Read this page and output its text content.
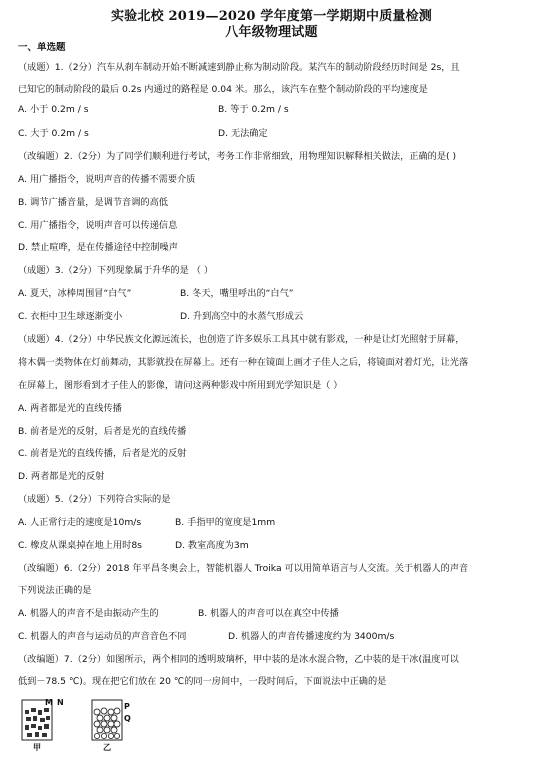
实验北校 2019—2020 学年度第一学期期中质量检测
八年级物理试题
一、单选题
（成题）1.（2分）汽车从刹车制动开始不断减速到静止称为制动阶段。某汽车的制动阶段经历时间是 2s，且
已知它的制动阶段的最后 0.2s 内通过的路程是 0.04 米。那么，该汽车在整个制动阶段的平均速度是
A. 小于 0.2m / s	B. 等于 0.2m / s
C. 大于 0.2m / s	D. 无法确定
（改编题）2.（2分）为了同学们顺利进行考试，考务工作非常细致，用物理知识解释相关做法，正确的是( )
A. 用广播指令，说明声音的传播不需要介质
B. 调节广播音量，是调节音调的高低
C. 用广播指令，说明声音可以传递信息
D. 禁止喧哗，是在传播途径中控制噪声
（成题）3.（2分）下列现象属于升华的是 （ ）
A. 夏天，冰棒周围冒“白气”	B. 冬天，嘴里呼出的“白气”
C. 衣柜中卫生球逐渐变小	D. 升到高空中的水蒸气形成云
（成题）4.（2分）中华民族文化源远流长，也创造了许多娱乐工具其中就有影戏，一种是让灯光照射于屏幕，
将木偶一类物体在灯前舞动，其影就投在屏幕上。还有一种在镜面上画才子佳人之后，将镜面对着灯光，让光落
在屏幕上，图形看到才子佳人的影像，请问这两种影戏中所用到光学知识是（ ）
A. 两者都是光的直线传播
B. 前者是光的反射，后者是光的直线传播
C. 前者是光的直线传播，后者是光的反射
D. 两者都是光的反射
（成题）5.（2分）下列符合实际的是
A. 人正常行走的速度是10m/s	B. 手指甲的宽度是1mm
C. 橡皮从课桌掉在地上用时8s	D. 教室高度为3m
（改编题）6.（2分）2018 年平昌冬奥会上，智能机器人 Troika 可以用简单语言与人交流。关于机器人的声音
下列说法正确的是
A. 机器人的声音不是由振动产生的	B. 机器人的声音可以在真空中传播
C. 机器人的声音与运动员的声音音色不同	D. 机器人的声音传播速度约为 3400m/s
（改编题）7.（2分）如图所示，两个相同的透明玻璃杯，甲中装的是冰水混合物，乙中装的是干冰(温度可以
低到－78.5 ℃)。现在把它们放在 20 ℃的同一房间中，一段时间后，下面说法中正确的是
M N
甲
P
Q
乙
